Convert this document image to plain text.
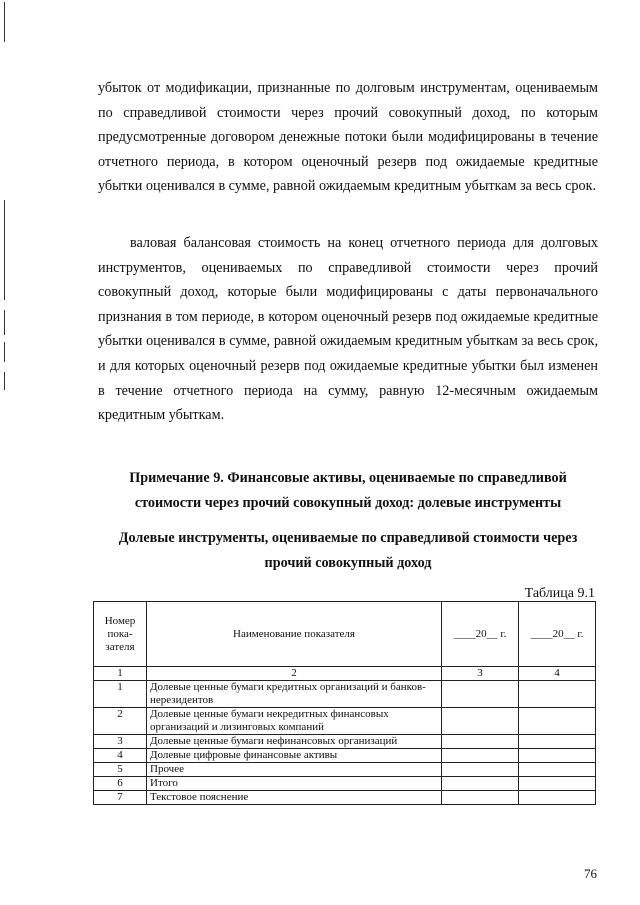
убыток от модификации, признанные по долговым инструментам, оцениваемым по справедливой стоимости через прочий совокупный доход, по которым предусмотренные договором денежные потоки были модифицированы в течение отчетного периода, в котором оценочный резерв под ожидаемые кредитные убытки оценивался в сумме, равной ожидаемым кредитным убыткам за весь срок.

валовая балансовая стоимость на конец отчетного периода для долговых инструментов, оцениваемых по справедливой стоимости через прочий совокупный доход, которые были модифицированы с даты первоначального признания в том периоде, в котором оценочный резерв под ожидаемые кредитные убытки оценивался в сумме, равной ожидаемым кредитным убыткам за весь срок, и для которых оценочный резерв под ожидаемые кредитные убытки был изменен в течение отчетного периода на сумму, равную 12-месячным ожидаемым кредитным убыткам.

Примечание 9. Финансовые активы, оцениваемые по справедливой стоимости через прочий совокупный доход: долевые инструменты
Долевые инструменты, оцениваемые по справедливой стоимости через прочий совокупный доход

Таблица 9.1

Номер пока-зателя	Наименование показателя	____20__ г.	____20__ г.
1	2	3	4
1	Долевые ценные бумаги кредитных организаций и банков-нерезидентов		
2	Долевые ценные бумаги некредитных финансовых организаций и лизинговых компаний		
3	Долевые ценные бумаги нефинансовых организаций		
4	Долевые цифровые финансовые активы		
5	Прочее		
6	Итого		
7	Текстовое пояснение		

76
